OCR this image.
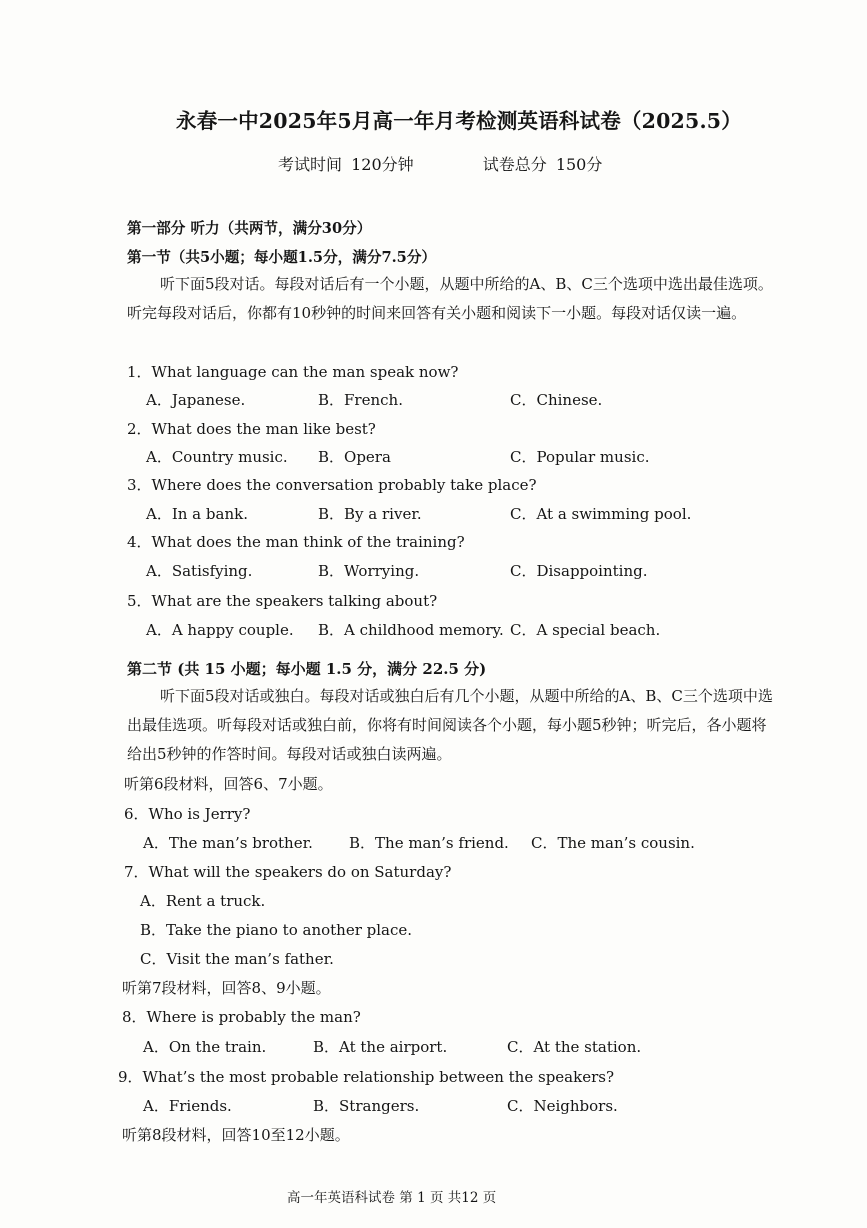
永春一中2025年5月高一年月考检测英语科试卷（2025.5）
考试时间 120分钟	试卷总分 150分
第一部分 听力（共两节，满分30分）
第一节（共5小题；每小题1.5分，满分7.5分）
听下面5段对话。每段对话后有一个小题，从题中所给的A、B、C三个选项中选出最佳选项。听完每段对话后，你都有10秒钟的时间来回答有关小题和阅读下一小题。每段对话仅读一遍。
1．What language can the man speak now?
A．Japanese.	B．French.	C．Chinese.
2．What does the man like best?
A．Country music. B．Opera	C．Popular music.
3．Where does the conversation probably take place?
A．In a bank.	B．By a river.	C．At a swimming pool.
4．What does the man think of the training?
A．Satisfying.	B．Worrying.	C．Disappointing.
5．What are the speakers talking about?
A．A happy couple. B．A childhood memory. C．A special beach.
第二节 (共 15 小题；每小题 1.5 分，满分 22.5 分)
听下面5段对话或独白。每段对话或独白后有几个小题，从题中所给的A、B、C三个选项中选出最佳选项。听每段对话或独白前，你将有时间阅读各个小题，每小题5秒钟；听完后，各小题将给出5秒钟的作答时间。每段对话或独白读两遍。
听第6段材料，回答6、7小题。
6．Who is Jerry?
A．The man’s brother. B．The man’s friend. C．The man’s cousin.
7．What will the speakers do on Saturday?
A．Rent a truck.
B．Take the piano to another place.
C．Visit the man’s father.
听第7段材料，回答8、9小题。
8．Where is probably the man?
A．On the train.	B．At the airport.	C．At the station.
9．What’s the most probable relationship between the speakers?
A．Friends.	B．Strangers.	C．Neighbors.
听第8段材料，回答10至12小题。
高一年英语科试卷 第 1 页 共12 页
